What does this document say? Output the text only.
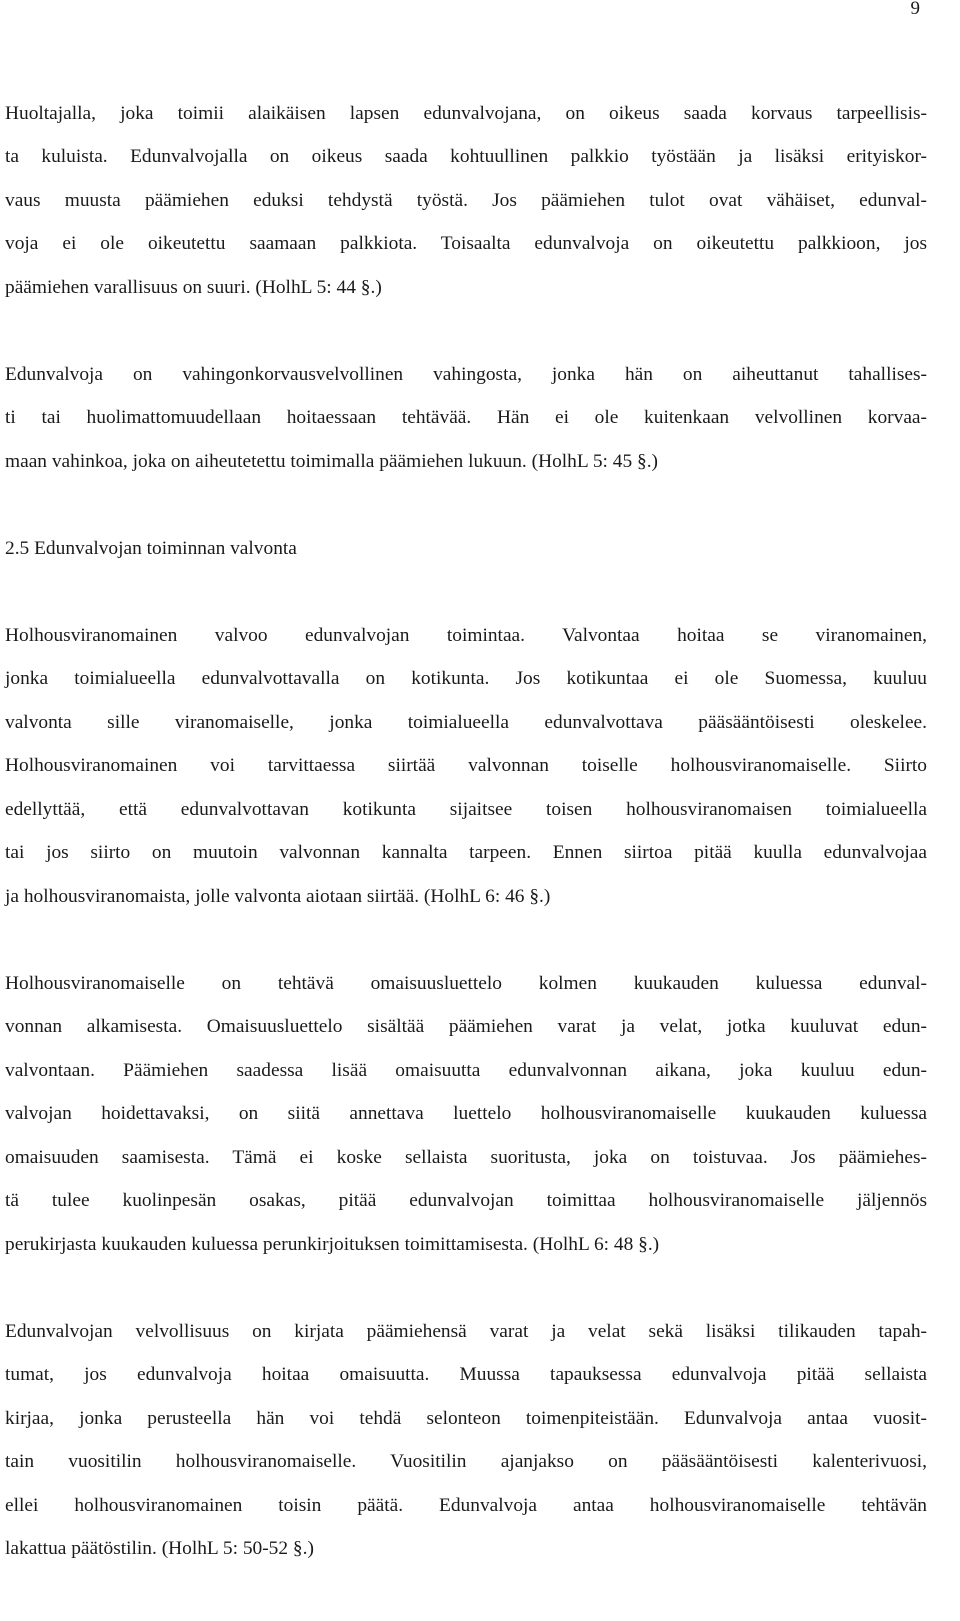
9
Huoltajalla, joka toimii alaikäisen lapsen edunvalvojana, on oikeus saada korvaus tarpeellisis-
ta kuluista. Edunvalvojalla on oikeus saada kohtuullinen palkkio työstään ja lisäksi erityiskor-
vaus muusta päämiehen eduksi tehdystä työstä. Jos päämiehen tulot ovat vähäiset, edunval-
voja ei ole oikeutettu saamaan palkkiota. Toisaalta edunvalvoja on oikeutettu palkkioon, jos
päämiehen varallisuus on suuri. (HolhL 5: 44 §.)
Edunvalvoja on vahingonkorvausvelvollinen vahingosta, jonka hän on aiheuttanut tahallises-
ti tai huolimattomuudellaan hoitaessaan tehtävää. Hän ei ole kuitenkaan velvollinen korvaa-
maan vahinkoa, joka on aiheutetettu toimimalla päämiehen lukuun. (HolhL 5: 45 §.)
2.5 Edunvalvojan toiminnan valvonta
Holhousviranomainen valvoo edunvalvojan toimintaa. Valvontaa hoitaa se viranomainen,
jonka toimialueella edunvalvottavalla on kotikunta. Jos kotikuntaa ei ole Suomessa, kuuluu
valvonta sille viranomaiselle, jonka toimialueella edunvalvottava pääsääntöisesti oleskelee.
Holhousviranomainen voi tarvittaessa siirtää valvonnan toiselle holhousviranomaiselle. Siirto
edellyttää, että edunvalvottavan kotikunta sijaitsee toisen holhousviranomaisen toimialueella
tai jos siirto on muutoin valvonnan kannalta tarpeen. Ennen siirtoa pitää kuulla edunvalvojaa
ja holhousviranomaista, jolle valvonta aiotaan siirtää. (HolhL 6: 46 §.)
Holhousviranomaiselle on tehtävä omaisuusluettelo kolmen kuukauden kuluessa edunval-
vonnan alkamisesta. Omaisuusluettelo sisältää päämiehen varat ja velat, jotka kuuluvat edun-
valvontaan. Päämiehen saadessa lisää omaisuutta edunvalvonnan aikana, joka kuuluu edun-
valvojan hoidettavaksi, on siitä annettava luettelo holhousviranomaiselle kuukauden kuluessa
omaisuuden saamisesta. Tämä ei koske sellaista suoritusta, joka on toistuvaa. Jos päämiehes-
tä tulee kuolinpesän osakas, pitää edunvalvojan toimittaa holhousviranomaiselle jäljennös
perukirjasta kuukauden kuluessa perunkirjoituksen toimittamisesta. (HolhL 6: 48 §.)
Edunvalvojan velvollisuus on kirjata päämiehensä varat ja velat sekä lisäksi tilikauden tapah-
tumat, jos edunvalvoja hoitaa omaisuutta. Muussa tapauksessa edunvalvoja pitää sellaista
kirjaa, jonka perusteella hän voi tehdä selonteon toimenpiteistään. Edunvalvoja antaa vuosit-
tain vuositilin holhousviranomaiselle. Vuositilin ajanjakso on pääsääntöisesti kalenterivuosi,
ellei holhousviranomainen toisin päätä. Edunvalvoja antaa holhousviranomaiselle tehtävän
lakattua päätöstilin. (HolhL 5: 50-52 §.)
